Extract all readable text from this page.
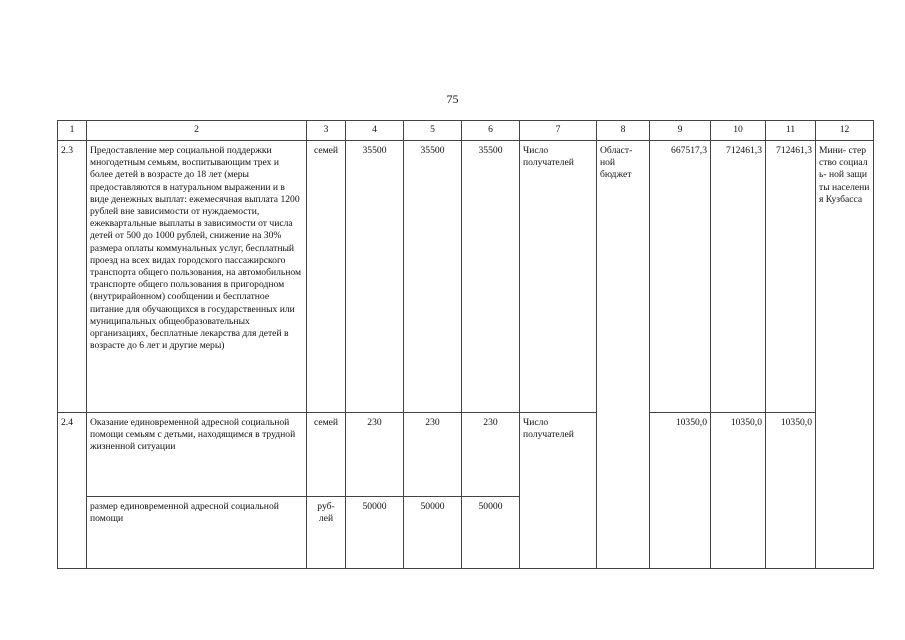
75
1	2	3	4	5	6	7	8	9	10	11	12
2.3	Предоставление мер социальной поддержки многодетным семьям, воспитывающим трех и более детей в возрасте до 18 лет (меры предоставляются в натуральном выражении и в виде денежных выплат: ежемесячная выплата 1200 рублей вне зависимости от нуждаемости, ежеквартальные выплаты в зависимости от числа детей от 500 до 1000 рублей, снижение на 30% размера оплаты коммунальных услуг, бесплатный проезд на всех видах городского пассажирского транспорта общего пользования, на автомобильном транспорте общего пользования в пригородном (внутрирайонном) сообщении и бесплатное питание для обучающихся в государственных или муниципальных общеобразовательных организациях, бесплатные лекарства для детей в возрасте до 6 лет и другие меры)	семей	35500	35500	35500	Число получателей	Област- ной бюджет	667517,3	712461,3	712461,3	Мини- стерство социаль- ной защиты населения Кузбасса
2.4	Оказание единовременной адресной социальной помощи семьям с детьми, находящимся в трудной жизненной ситуации	семей	230	230	230	Число получателей		10350,0	10350,0	10350,0	
	размер единовременной адресной социальной помощи	руб- лей	50000	50000	50000						
